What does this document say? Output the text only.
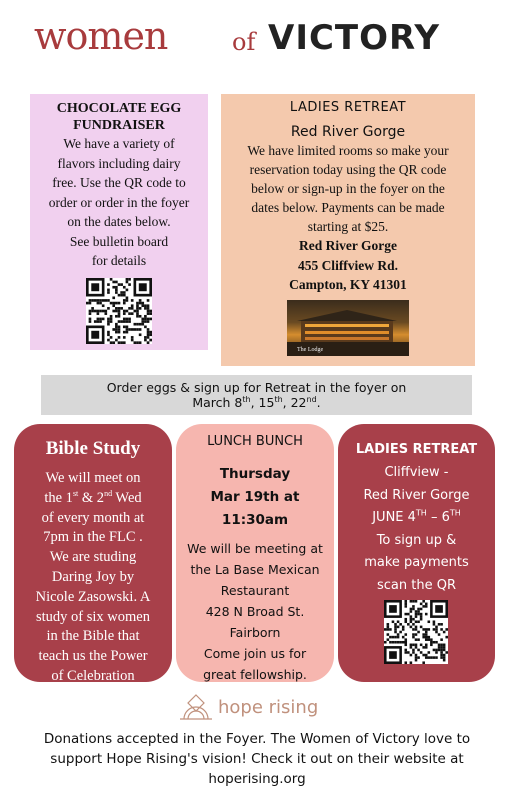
women	of VICTORY
CHOCOLATE EGG FUNDRAISER
We have a variety of
flavors including dairy
free. Use the QR code to
order or order in the foyer
on the dates below.
See bulletin board
for details
LADIES RETREAT
Red River Gorge
We have limited rooms so make your
reservation today using the QR code
below or sign-up in the foyer on the
dates below. Payments can be made
starting at $25.
Red River Gorge
455 Cliffview Rd.
Campton, KY 41301
The Lodge
Order eggs & sign up for Retreat in the foyer on
March 8th, 15th, 22nd.
Bible Study
We will meet on
the 1st & 2nd Wed
of every month at
7pm in the FLC .
We are studing
Daring Joy by
Nicole Zasowski. A
study of six women
in the Bible that
teach us the Power
of Celebration
LUNCH BUNCH
Thursday
Mar 19th at
11:30am
We will be meeting at
the La Base Mexican
Restaurant
428 N Broad St.
Fairborn
Come join us for
great fellowship.
LADIES RETREAT
Cliffview -
Red River Gorge
JUNE 4TH – 6TH
To sign up &
make payments
scan the QR
hope rising
Donations accepted in the Foyer. The Women of Victory love to
support Hope Rising's vision! Check it out on their website at
hoperising.org
